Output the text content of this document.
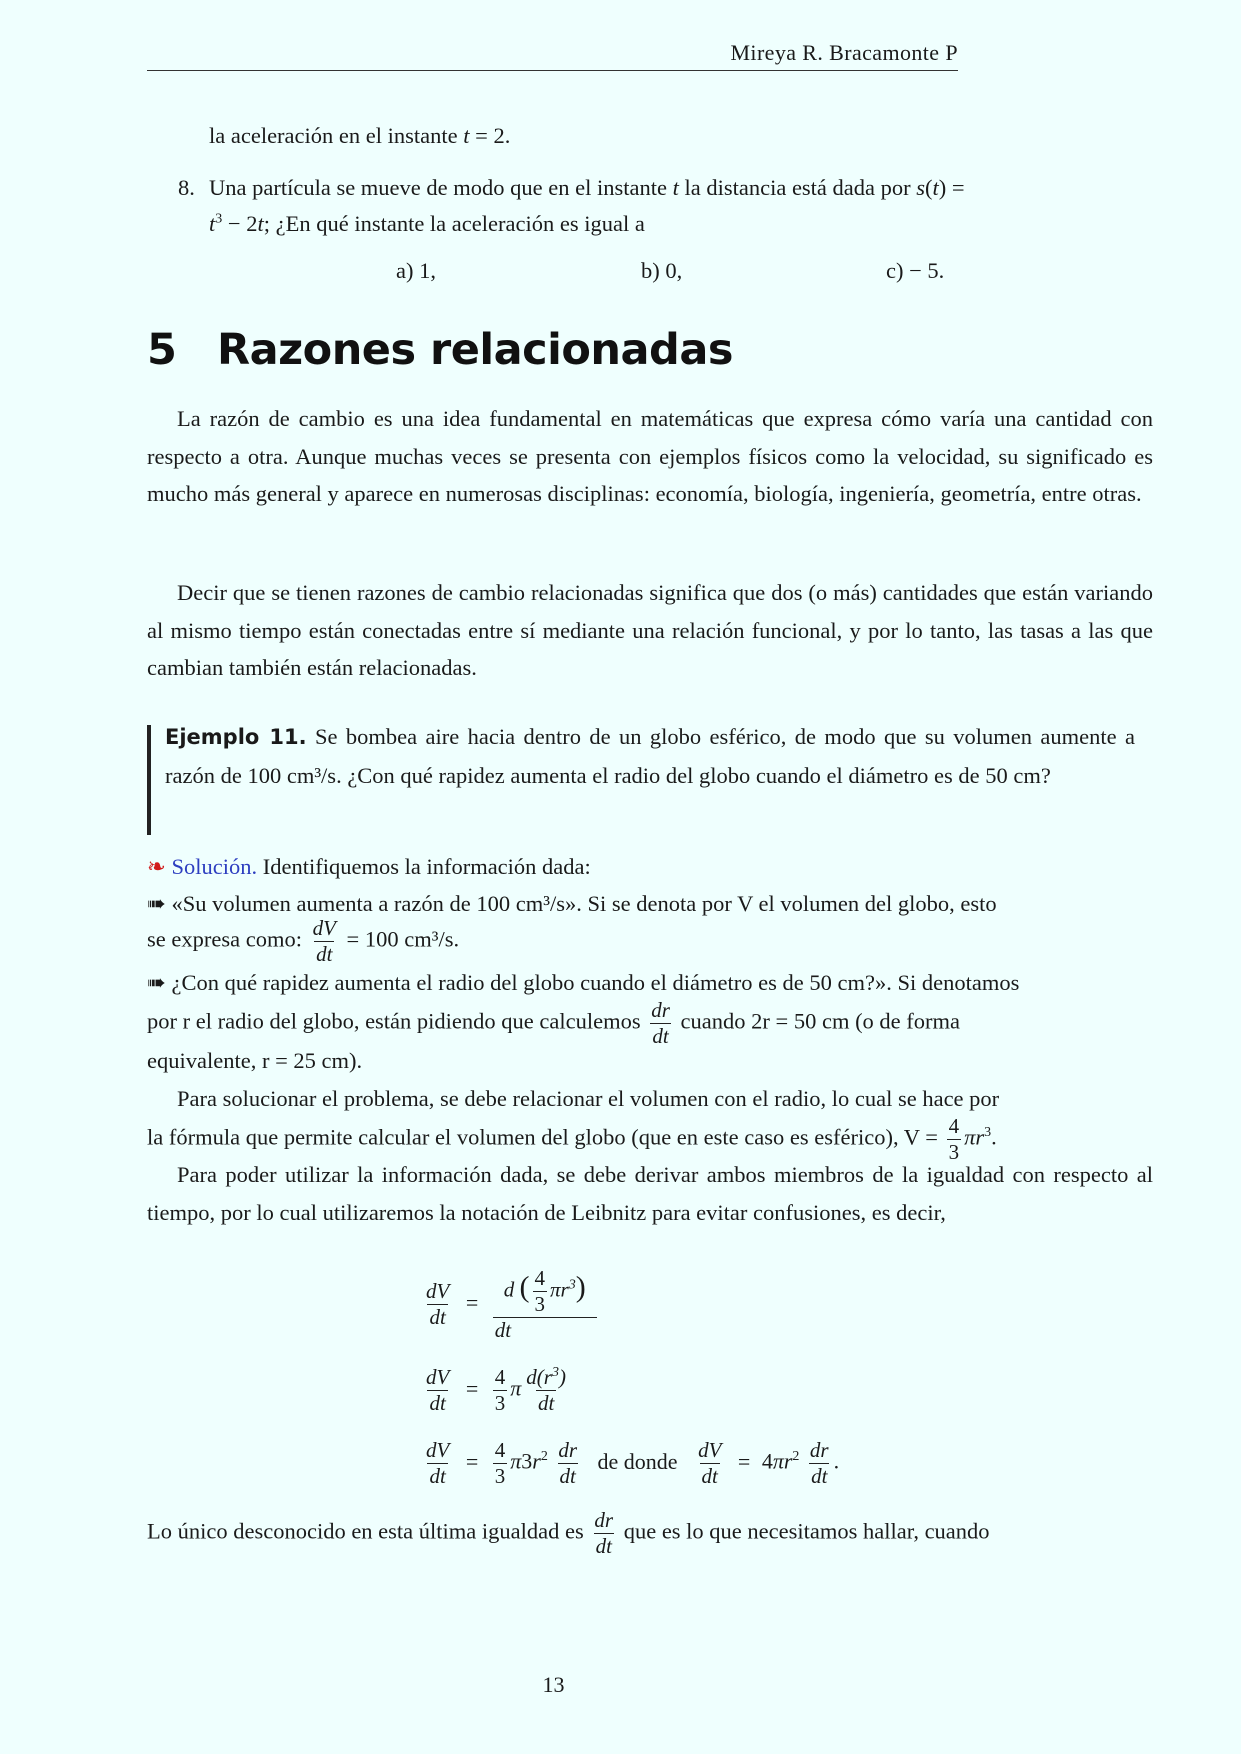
Mireya R. Bracamonte P
la aceleración en el instante t = 2.
8. Una partícula se mueve de modo que en el instante t la distancia está dada por s(t) =
$t^3 - 2t$; ¿En qué instante la aceleración es igual a
a) 1,	b) 0,	c) − 5.
5 Razones relacionadas
La razón de cambio es una idea fundamental en matemáticas que expresa cómo varía una cantidad con respecto a otra. Aunque muchas veces se presenta con ejemplos físicos como la velocidad, su significado es mucho más general y aparece en numerosas disciplinas: economía, biología, ingeniería, geometría, entre otras.
Decir que se tienen razones de cambio relacionadas significa que dos (o más) cantidades que están variando al mismo tiempo están conectadas entre sí mediante una relación funcional, y por lo tanto, las tasas a las que cambian también están relacionadas.
Ejemplo 11. Se bombea aire hacia dentro de un globo esférico, de modo que su volumen aumente a razón de 100 cm³/s. ¿Con qué rapidez aumenta el radio del globo cuando el diámetro es de 50 cm?
❧ Solución. Identifiquemos la información dada:
➠ «Su volumen aumenta a razón de 100 cm³/s». Si se denota por V el volumen del globo, esto
se expresa como: $\frac{dV}{dt} = 100$ cm³/s.
➠ ¿Con qué rapidez aumenta el radio del globo cuando el diámetro es de 50 cm?». Si denotamos
por r el radio del globo, están pidiendo que calculemos $\frac{dr}{dt}$ cuando 2r = 50 cm (o de forma
equivalente, r = 25 cm).
Para solucionar el problema, se debe relacionar el volumen con el radio, lo cual se hace por
la fórmula que permite calcular el volumen del globo (que en este caso es esférico), $V = \frac{4}{3} \pi r^3$.
Para poder utilizar la información dada, se debe derivar ambos miembros de la igualdad con respecto al tiempo, por lo cual utilizaremos la notación de Leibnitz para evitar confusiones, es decir,
$\frac{dV}{dt} = \frac{d ( \frac{4}{3} \pi r^3)}{dt}$
$\frac{dV}{dt} = \frac{4}{3}$ π $\frac{d(r^3)}{dt}$
$\frac{dV}{dt} = \frac{4}{3} \pi 3r^2 \frac{dr}{dt}$ de donde $\frac{dV}{dt} = 4\pi r^2 \frac{dr}{dt}$ .
Lo único desconocido en esta última igualdad es $\frac{dr}{dt}$ que es lo que necesitamos hallar, cuando
13
